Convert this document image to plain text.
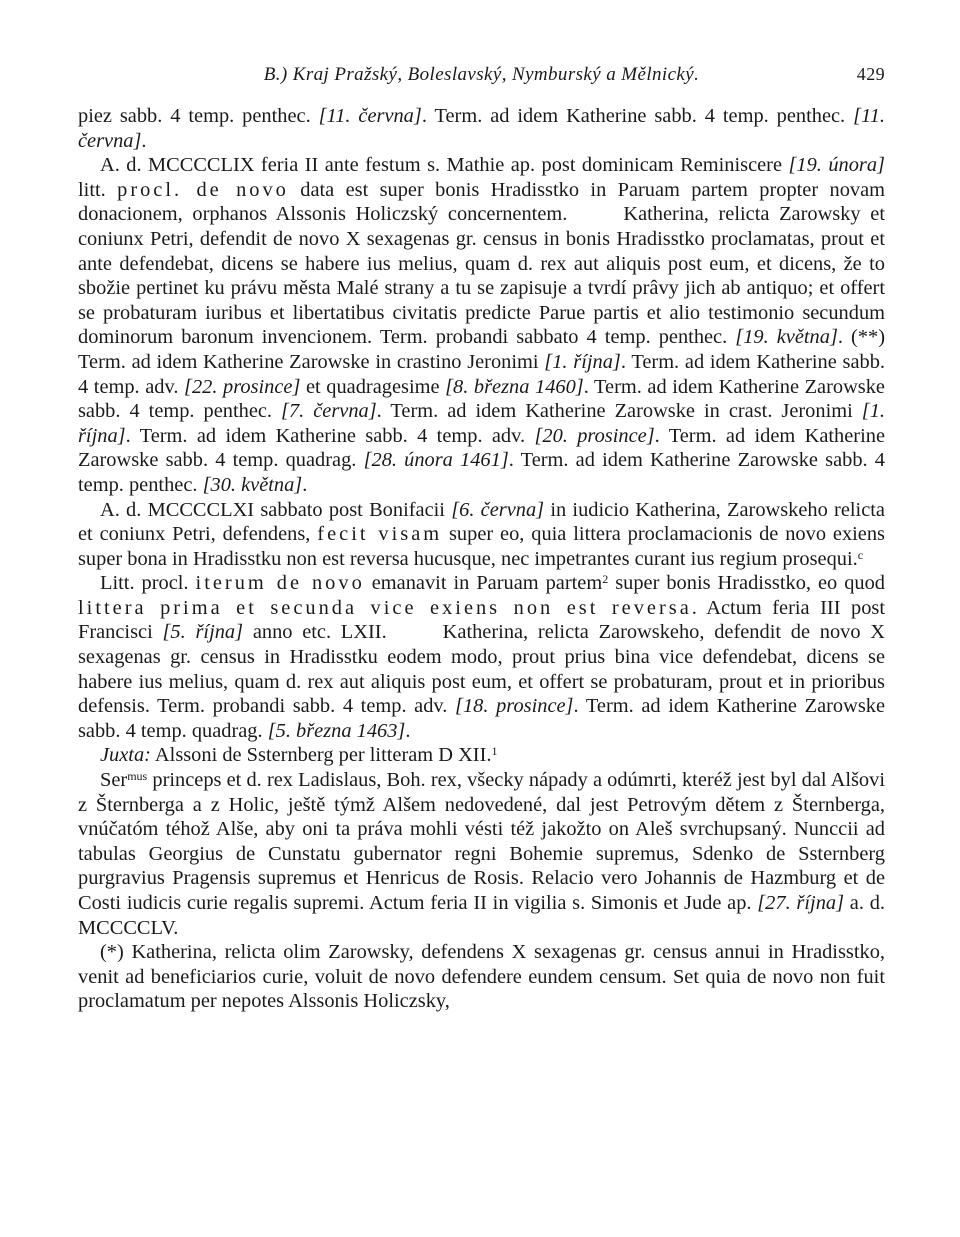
B.) Kraj Pražský, Boleslavský, Nymburský a Mělnický.	429

piez sabb. 4 temp. penthec. [11. června]. Term. ad idem Katherine sabb. 4 temp. penthec. [11. června].

A. d. MCCCCLIX feria II ante festum s. Mathie ap. post dominicam Reminiscere [19. února] litt. procl. de novo data est super bonis Hradisstko in Paruam partem propter novam donacionem, orphanos Alssonis Holiczský concernentem.	Katherina, relicta Zarowsky et coniunx Petri, defendit de novo X sexagenas gr. census in bonis Hradisstko proclamatas, prout et ante defendebat, dicens se habere ius melius, quam d. rex aut aliquis post eum, et dicens, že to sbožie pertinet ku právu města Malé strany a tu se zapisuje a tvrdí prâvy jich ab antiquo; et offert se probaturam iuribus et libertatibus civitatis predicte Parue partis et alio testimonio secundum dominorum baronum invencionem. Term. probandi sabbato 4 temp. penthec. [19. května]. (**) Term. ad idem Katherine Zarowske in crastino Jeronimi [1. října]. Term. ad idem Katherine sabb. 4 temp. adv. [22. prosince] et quadragesime [8. března 1460]. Term. ad idem Katherine Zarowske sabb. 4 temp. penthec. [7. června]. Term. ad idem Katherine Zarowske in crast. Jeronimi [1. října]. Term. ad idem Katherine sabb. 4 temp. adv. [20. prosince]. Term. ad idem Katherine Zarowske sabb. 4 temp. quadrag. [28. února 1461]. Term. ad idem Katherine Zarowske sabb. 4 temp. penthec. [30. května].

A. d. MCCCCLXI sabbato post Bonifacii [6. června] in iudicio Katherina, Zarowskeho relicta et coniunx Petri, defendens, fecit visam super eo, quia littera proclamacionis de novo exiens super bona in Hradisstku non est reversa hucusque, nec impetrantes curant ius regium prosequi.$^c$

Litt. procl. iterum de novo emanavit in Paruam partem$^2$ super bonis Hradisstko, eo quod littera prima et secunda vice exiens non est reversa. Actum feria III post Francisci [5. října] anno etc. LXII.	Katherina, relicta Zarowskeho, defendit de novo X sexagenas gr. census in Hradisstku eodem modo, prout prius bina vice defendebat, dicens se habere ius melius, quam d. rex aut aliquis post eum, et offert se probaturam, prout et in prioribus defensis. Term. probandi sabb. 4 temp. adv. [18. prosince]. Term. ad idem Katherine Zarowske sabb. 4 temp. quadrag. [5. března 1463].

Juxta: Alssoni de Ssternberg per litteram D XII.$^1$

Ser$^{mus}$ princeps et d. rex Ladislaus, Boh. rex, všecky nápady a odúmrti, kteréž jest byl dal Alšovi z Šternberga a z Holic, ještě týmž Alšem nedovedené, dal jest Petrovým dětem z Šternberga, vnúčatóm téhož Alše, aby oni ta práva mohli vésti též jakožto on Aleš svrchupsaný. Nunccii ad tabulas Georgius de Cunstatu gubernator regni Bohemie supremus, Sdenko de Ssternberg purgravius Pragensis supremus et Henricus de Rosis. Relacio vero Johannis de Hazmburg et de Costi iudicis curie regalis supremi. Actum feria II in vigilia s. Simonis et Jude ap. [27. října] a. d. MCCCCLV.

(*) Katherina, relicta olim Zarowsky, defendens X sexagenas gr. census annui in Hradisstko, venit ad beneficiarios curie, voluit de novo defendere eundem censum. Set quia de novo non fuit proclamatum per nepotes Alssonis Holiczsky,
